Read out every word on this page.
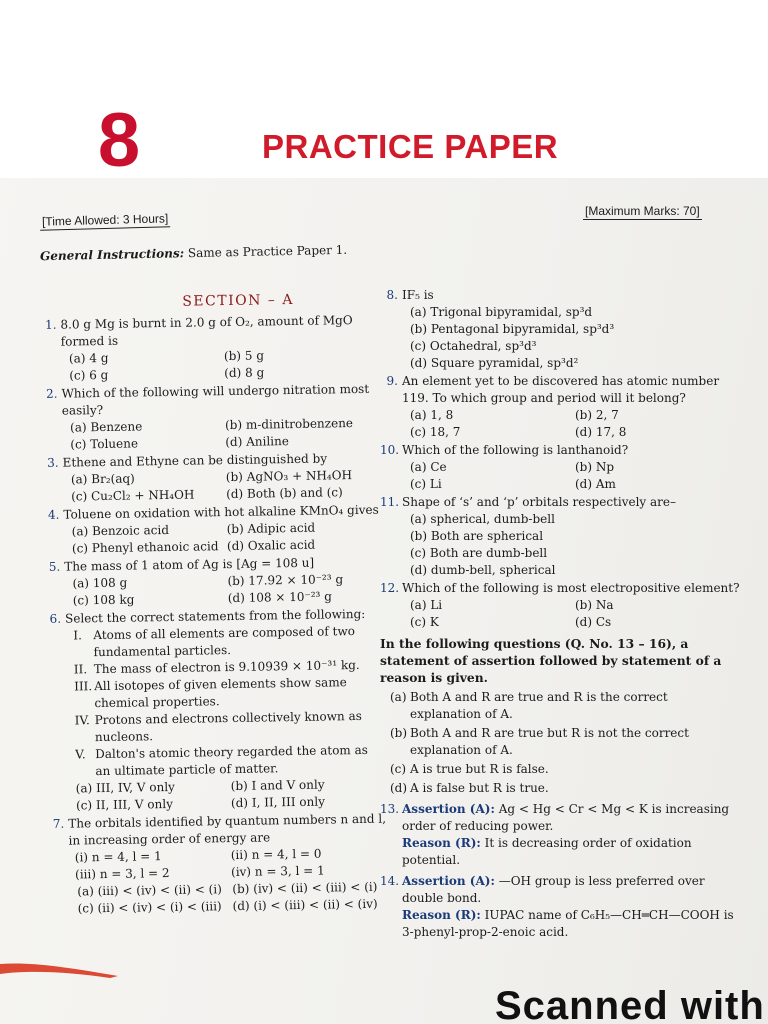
8	PRACTICE PAPER
[Time Allowed: 3 Hours]
[Maximum Marks: 70]
General Instructions: Same as Practice Paper 1.
SECTION – A
1. 8.0 g Mg is burnt in 2.0 g of O₂, amount of MgO formed is
(a) 4 g	(b) 5 g
(c) 6 g	(d) 8 g
2. Which of the following will undergo nitration most easily?
(a) Benzene	(b) m-dinitrobenzene
(c) Toluene	(d) Aniline
3. Ethene and Ethyne can be distinguished by
(a) Br₂(aq)	(b) AgNO₃ + NH₄OH
(c) Cu₂Cl₂ + NH₄OH	(d) Both (b) and (c)
4. Toluene on oxidation with hot alkaline KMnO₄ gives
(a) Benzoic acid	(b) Adipic acid
(c) Phenyl ethanoic acid (d) Oxalic acid
5. The mass of 1 atom of Ag is [Ag = 108 u]
(a) 108 g	(b) 17.92 × 10⁻²³ g
(c) 108 kg	(d) 108 × 10⁻²³ g
6. Select the correct statements from the following:
I. Atoms of all elements are composed of two fundamental particles.
II. The mass of electron is 9.10939 × 10⁻³¹ kg.
III. All isotopes of given elements show same chemical properties.
IV. Protons and electrons collectively known as nucleons.
V. Dalton's atomic theory regarded the atom as an ultimate particle of matter.
(a) III, IV, V only	(b) I and V only
(c) II, III, V only	(d) I, II, III only
7. The orbitals identified by quantum numbers n and l, in increasing order of energy are
(i) n = 4, l = 1	(ii) n = 4, l = 0
(iii) n = 3, l = 2	(iv) n = 3, l = 1
(a) (iii) < (iv) < (ii) < (i) (b) (iv) < (ii) < (iii) < (i)
(c) (ii) < (iv) < (i) < (iii) (d) (i) < (iii) < (ii) < (iv)
8. IF₅ is
(a) Trigonal bipyramidal, sp³d
(b) Pentagonal bipyramidal, sp³d³
(c) Octahedral, sp³d³
(d) Square pyramidal, sp³d²
9. An element yet to be discovered has atomic number 119. To which group and period will it belong?
(a) 1, 8	(b) 2, 7
(c) 18, 7	(d) 17, 8
10. Which of the following is lanthanoid?
(a) Ce	(b) Np
(c) Li	(d) Am
11. Shape of ‘s’ and ‘p’ orbitals respectively are–
(a) spherical, dumb-bell
(b) Both are spherical
(c) Both are dumb-bell
(d) dumb-bell, spherical
12. Which of the following is most electropositive element?
(a) Li	(b) Na
(c) K	(d) Cs
In the following questions (Q. No. 13 – 16), a statement of assertion followed by statement of a reason is given.
(a) Both A and R are true and R is the correct explanation of A.
(b) Both A and R are true but R is not the correct explanation of A.
(c) A is true but R is false.
(d) A is false but R is true.
13. Assertion (A): Ag < Hg < Cr < Mg < K is increasing order of reducing power.
Reason (R): It is decreasing order of oxidation potential.
14. Assertion (A): —OH group is less preferred over double bond.
Reason (R): IUPAC name of C₆H₅—CH═CH—COOH is 3-phenyl-prop-2-enoic acid.
Scanned with
